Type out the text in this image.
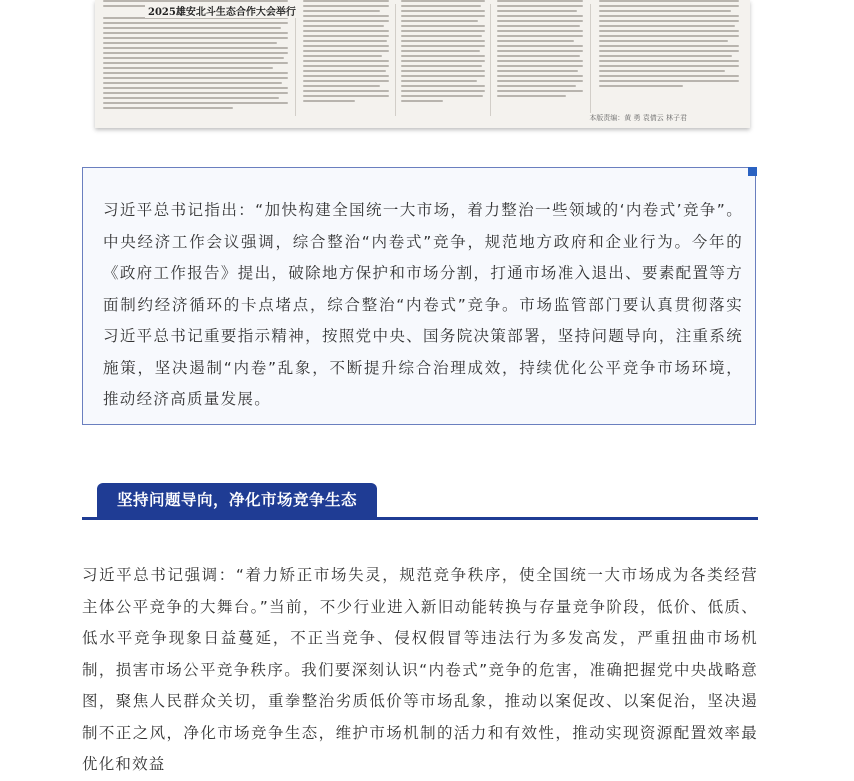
2025雄安北斗生态合作大会举行
本版责编：黄 勇 袁倩云 林子君

习近平总书记指出：“加快构建全国统一大市场，着力整治一些领域的‘内卷式’竞争”。中央经济工作会议强调，综合整治“内卷式”竞争，规范地方政府和企业行为。今年的《政府工作报告》提出，破除地方保护和市场分割，打通市场准入退出、要素配置等方面制约经济循环的卡点堵点，综合整治“内卷式”竞争。市场监管部门要认真贯彻落实习近平总书记重要指示精神，按照党中央、国务院决策部署，坚持问题导向，注重系统施策，坚决遏制“内卷”乱象，不断提升综合治理成效，持续优化公平竞争市场环境，推动经济高质量发展。

坚持问题导向，净化市场竞争生态

习近平总书记强调：“着力矫正市场失灵，规范竞争秩序，使全国统一大市场成为各类经营主体公平竞争的大舞台。”当前，不少行业进入新旧动能转换与存量竞争阶段，低价、低质、低水平竞争现象日益蔓延，不正当竞争、侵权假冒等违法行为多发高发，严重扭曲市场机制，损害市场公平竞争秩序。我们要深刻认识“内卷式”竞争的危害，准确把握党中央战略意图，聚焦人民群众关切，重拳整治劣质低价等市场乱象，推动以案促改、以案促治，坚决遏制不正之风，净化市场竞争生态，维护市场机制的活力和有效性，推动实现资源配置效率最优化和效益
